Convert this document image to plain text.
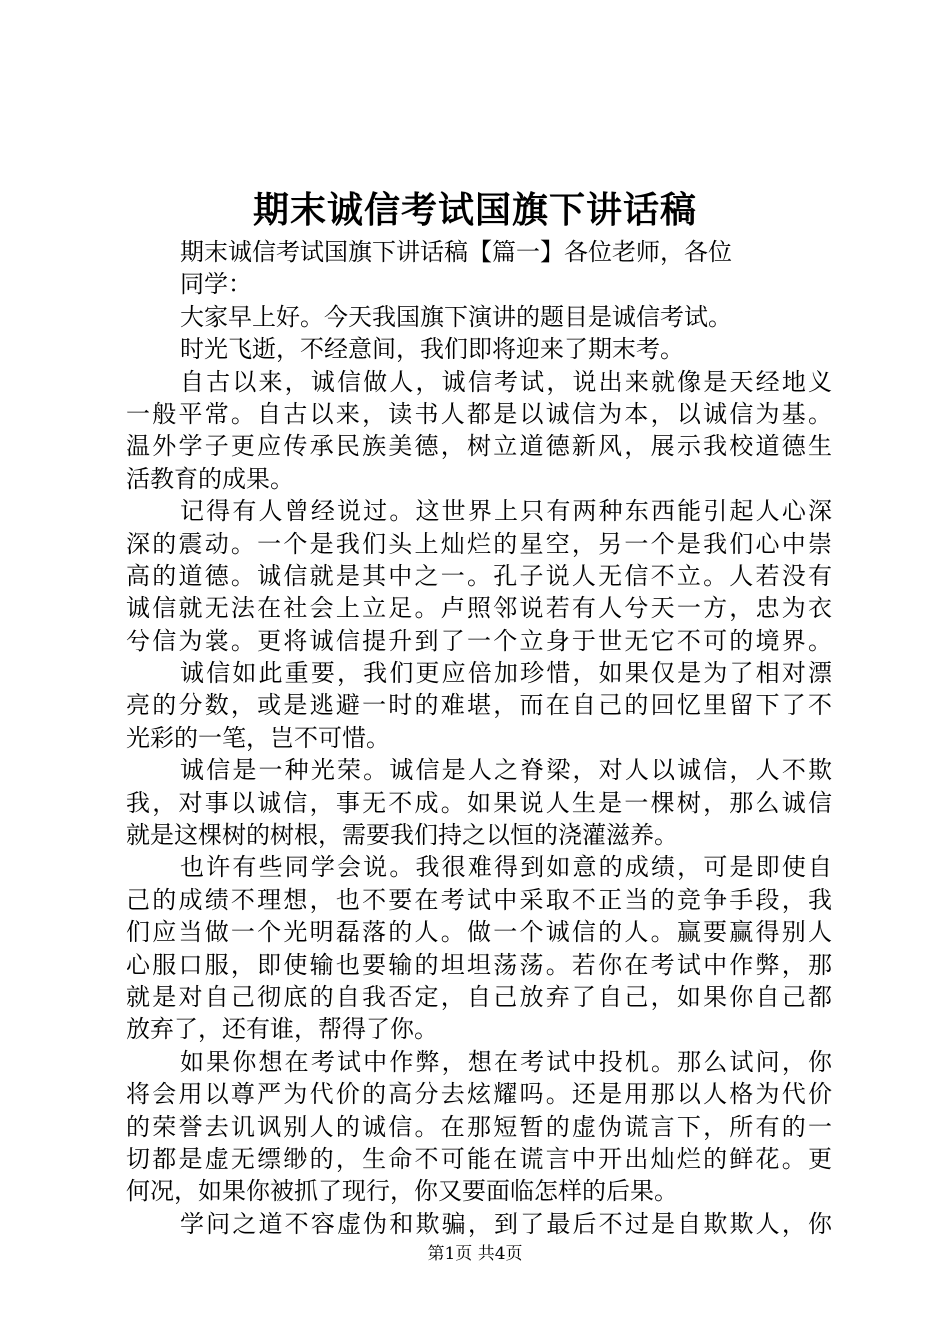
期末诚信考试国旗下讲话稿
期末诚信考试国旗下讲话稿【篇一】各位老师，各位
同学：
大家早上好。今天我国旗下演讲的题目是诚信考试。
时光飞逝，不经意间，我们即将迎来了期末考。
自古以来，诚信做人，诚信考试，说出来就像是天经地义
一般平常。自古以来，读书人都是以诚信为本，以诚信为基。
温外学子更应传承民族美德，树立道德新风，展示我校道德生
活教育的成果。
记得有人曾经说过。这世界上只有两种东西能引起人心深
深的震动。一个是我们头上灿烂的星空，另一个是我们心中崇
高的道德。诚信就是其中之一。孔子说人无信不立。人若没有
诚信就无法在社会上立足。卢照邻说若有人兮天一方，忠为衣
兮信为裳。更将诚信提升到了一个立身于世无它不可的境界。
诚信如此重要，我们更应倍加珍惜，如果仅是为了相对漂
亮的分数，或是逃避一时的难堪，而在自己的回忆里留下了不
光彩的一笔，岂不可惜。
诚信是一种光荣。诚信是人之脊梁，对人以诚信，人不欺
我，对事以诚信，事无不成。如果说人生是一棵树，那么诚信
就是这棵树的树根，需要我们持之以恒的浇灌滋养。
也许有些同学会说。我很难得到如意的成绩，可是即使自
己的成绩不理想，也不要在考试中采取不正当的竞争手段，我
们应当做一个光明磊落的人。做一个诚信的人。赢要赢得别人
心服口服，即使输也要输的坦坦荡荡。若你在考试中作弊，那
就是对自己彻底的自我否定，自己放弃了自己，如果你自己都
放弃了，还有谁，帮得了你。
如果你想在考试中作弊，想在考试中投机。那么试问，你
将会用以尊严为代价的高分去炫耀吗。还是用那以人格为代价
的荣誉去讥讽别人的诚信。在那短暂的虚伪谎言下，所有的一
切都是虚无缥缈的，生命不可能在谎言中开出灿烂的鲜花。更
何况，如果你被抓了现行，你又要面临怎样的后果。
学问之道不容虚伪和欺骗，到了最后不过是自欺欺人，你
第1页 共4页
